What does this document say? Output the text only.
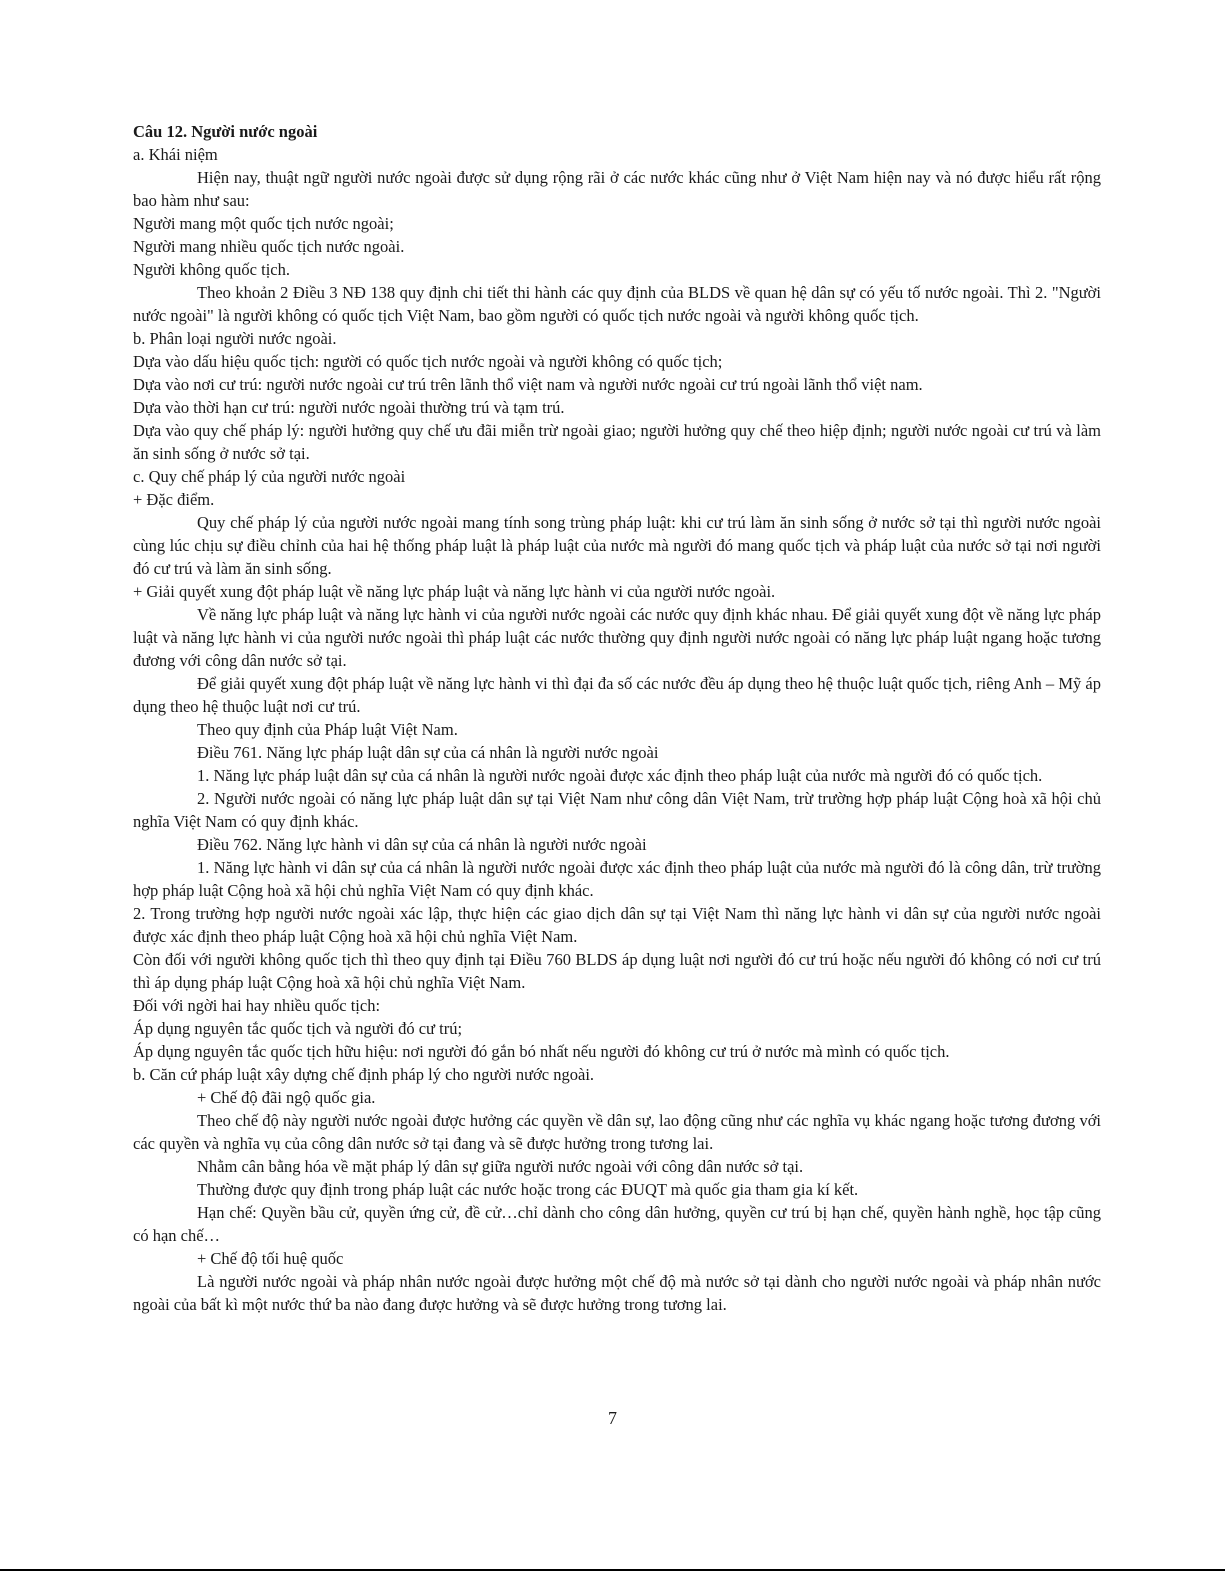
Câu 12. Người nước ngoài
a. Khái niệm
Hiện nay, thuật ngữ người nước ngoài được sử dụng rộng rãi ở các nước khác cũng như ở Việt Nam hiện nay và nó được hiểu rất rộng bao hàm như sau:
Người mang một quốc tịch nước ngoài;
Người mang nhiều quốc tịch nước ngoài.
Người không quốc tịch.
Theo khoản 2 Điều 3 NĐ 138 quy định chi tiết thi hành các quy định của BLDS về quan hệ dân sự có yếu tố nước ngoài. Thì 2. "Người nước ngoài" là người không có quốc tịch Việt Nam, bao gồm người có quốc tịch nước ngoài và người không quốc tịch.
b. Phân loại người nước ngoài.
Dựa vào dấu hiệu quốc tịch: người có quốc tịch nước ngoài và người không có quốc tịch;
Dựa vào nơi cư trú: người nước ngoài cư trú trên lãnh thổ việt nam và người nước ngoài cư trú ngoài lãnh thổ việt nam.
Dựa vào thời hạn cư trú: người nước ngoài thường trú và tạm trú.
Dựa vào quy chế pháp lý: người hưởng quy chế ưu đãi miễn trừ ngoài giao; người hưởng quy chế theo hiệp định; người nước ngoài cư trú và làm ăn sinh sống ở nước sở tại.
c. Quy chế pháp lý của người nước ngoài
+ Đặc điểm.
Quy chế pháp lý của người nước ngoài mang tính song trùng pháp luật: khi cư trú làm ăn sinh sống ở nước sở tại thì người nước ngoài cùng lúc chịu sự điều chỉnh của hai hệ thống pháp luật là pháp luật của nước mà người đó mang quốc tịch và pháp luật của nước sở tại nơi người đó cư trú và làm ăn sinh sống.
+ Giải quyết xung đột pháp luật về năng lực pháp luật và năng lực hành vi của người nước ngoài.
Về năng lực pháp luật và năng lực hành vi của người nước ngoài các nước quy định khác nhau. Để giải quyết xung đột về năng lực pháp luật và năng lực hành vi của người nước ngoài thì pháp luật các nước thường quy định người nước ngoài có năng lực pháp luật ngang hoặc tương đương với công dân nước sở tại.
Để giải quyết xung đột pháp luật về năng lực hành vi thì đại đa số các nước đều áp dụng theo hệ thuộc luật quốc tịch, riêng Anh – Mỹ áp dụng theo hệ thuộc luật nơi cư trú.
Theo quy định của Pháp luật Việt Nam.
Điều 761. Năng lực pháp luật dân sự của cá nhân là người nước ngoài
1. Năng lực pháp luật dân sự của cá nhân là người nước ngoài được xác định theo pháp luật của nước mà người đó có quốc tịch.
2. Người nước ngoài có năng lực pháp luật dân sự tại Việt Nam như công dân Việt Nam, trừ trường hợp pháp luật Cộng hoà xã hội chủ nghĩa Việt Nam có quy định khác.
Điều 762. Năng lực hành vi dân sự của cá nhân là người nước ngoài
1. Năng lực hành vi dân sự của cá nhân là người nước ngoài được xác định theo pháp luật của nước mà người đó là công dân, trừ trường hợp pháp luật Cộng hoà xã hội chủ nghĩa Việt Nam có quy định khác.
2. Trong trường hợp người nước ngoài xác lập, thực hiện các giao dịch dân sự tại Việt Nam thì năng lực hành vi dân sự của người nước ngoài được xác định theo pháp luật Cộng hoà xã hội chủ nghĩa Việt Nam.
Còn đối với người không quốc tịch thì theo quy định tại Điều 760 BLDS áp dụng luật nơi người đó cư trú hoặc nếu người đó không có nơi cư trú thì áp dụng pháp luật Cộng hoà xã hội chủ nghĩa Việt Nam.
Đối với ngời hai hay nhiều quốc tịch:
Áp dụng nguyên tắc quốc tịch và người đó cư trú;
Áp dụng nguyên tắc quốc tịch hữu hiệu: nơi người đó gắn bó nhất nếu người đó không cư trú ở nước mà mình có quốc tịch.
b. Căn cứ pháp luật xây dựng chế định pháp lý cho người nước ngoài.
+ Chế độ đãi ngộ quốc gia.
Theo chế độ này người nước ngoài được hưởng các quyền về dân sự, lao động cũng như các nghĩa vụ khác ngang hoặc tương đương với các quyền và nghĩa vụ của công dân nước sở tại đang và sẽ được hưởng trong tương lai.
Nhằm cân bằng hóa về mặt pháp lý dân sự giữa người nước ngoài với công dân nước sở tại.
Thường được quy định trong pháp luật các nước hoặc trong các ĐUQT mà quốc gia tham gia kí kết.
Hạn chế: Quyền bầu cử, quyền ứng cử, đề cử…chỉ dành cho công dân hưởng, quyền cư trú bị hạn chế, quyền hành nghề, học tập cũng có hạn chế…
+ Chế độ tối huệ quốc
Là người nước ngoài và pháp nhân nước ngoài được hưởng một chế độ mà nước sở tại dành cho người nước ngoài và pháp nhân nước ngoài của bất kì một nước thứ ba nào đang được hưởng và sẽ được hưởng trong tương lai.
7
